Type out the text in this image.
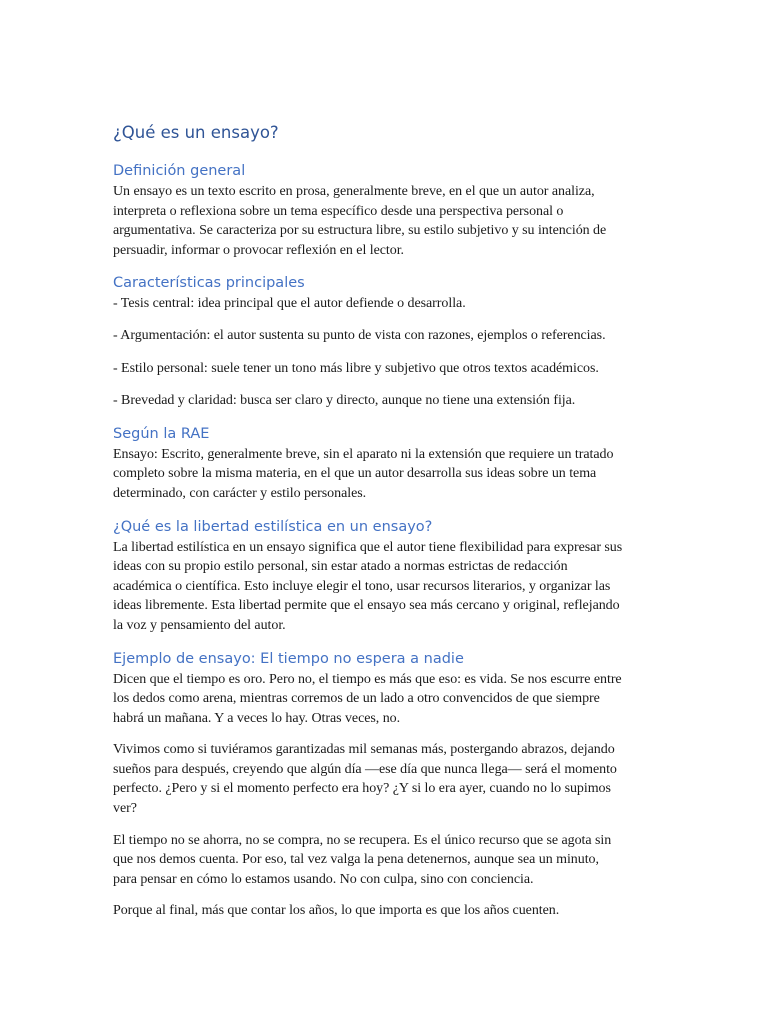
¿Qué es un ensayo?
Definición general

Un ensayo es un texto escrito en prosa, generalmente breve, en el que un autor analiza,
interpreta o reflexiona sobre un tema específico desde una perspectiva personal o
argumentativa. Se caracteriza por su estructura libre, su estilo subjetivo y su intención de
persuadir, informar o provocar reflexión en el lector.

Características principales

- Tesis central: idea principal que el autor defiende o desarrolla.

- Argumentación: el autor sustenta su punto de vista con razones, ejemplos o referencias.

- Estilo personal: suele tener un tono más libre y subjetivo que otros textos académicos.

- Brevedad y claridad: busca ser claro y directo, aunque no tiene una extensión fija.

Según la RAE

Ensayo: Escrito, generalmente breve, sin el aparato ni la extensión que requiere un tratado
completo sobre la misma materia, en el que un autor desarrolla sus ideas sobre un tema
determinado, con carácter y estilo personales.

¿Qué es la libertad estilística en un ensayo?

La libertad estilística en un ensayo significa que el autor tiene flexibilidad para expresar sus
ideas con su propio estilo personal, sin estar atado a normas estrictas de redacción
académica o científica. Esto incluye elegir el tono, usar recursos literarios, y organizar las
ideas libremente. Esta libertad permite que el ensayo sea más cercano y original, reflejando
la voz y pensamiento del autor.

Ejemplo de ensayo: El tiempo no espera a nadie

Dicen que el tiempo es oro. Pero no, el tiempo es más que eso: es vida. Se nos escurre entre
los dedos como arena, mientras corremos de un lado a otro convencidos de que siempre
habrá un mañana. Y a veces lo hay. Otras veces, no.

Vivimos como si tuviéramos garantizadas mil semanas más, postergando abrazos, dejando
sueños para después, creyendo que algún día —ese día que nunca llega— será el momento
perfecto. ¿Pero y si el momento perfecto era hoy? ¿Y si lo era ayer, cuando no lo supimos
ver?

El tiempo no se ahorra, no se compra, no se recupera. Es el único recurso que se agota sin
que nos demos cuenta. Por eso, tal vez valga la pena detenernos, aunque sea un minuto,
para pensar en cómo lo estamos usando. No con culpa, sino con conciencia.

Porque al final, más que contar los años, lo que importa es que los años cuenten.
